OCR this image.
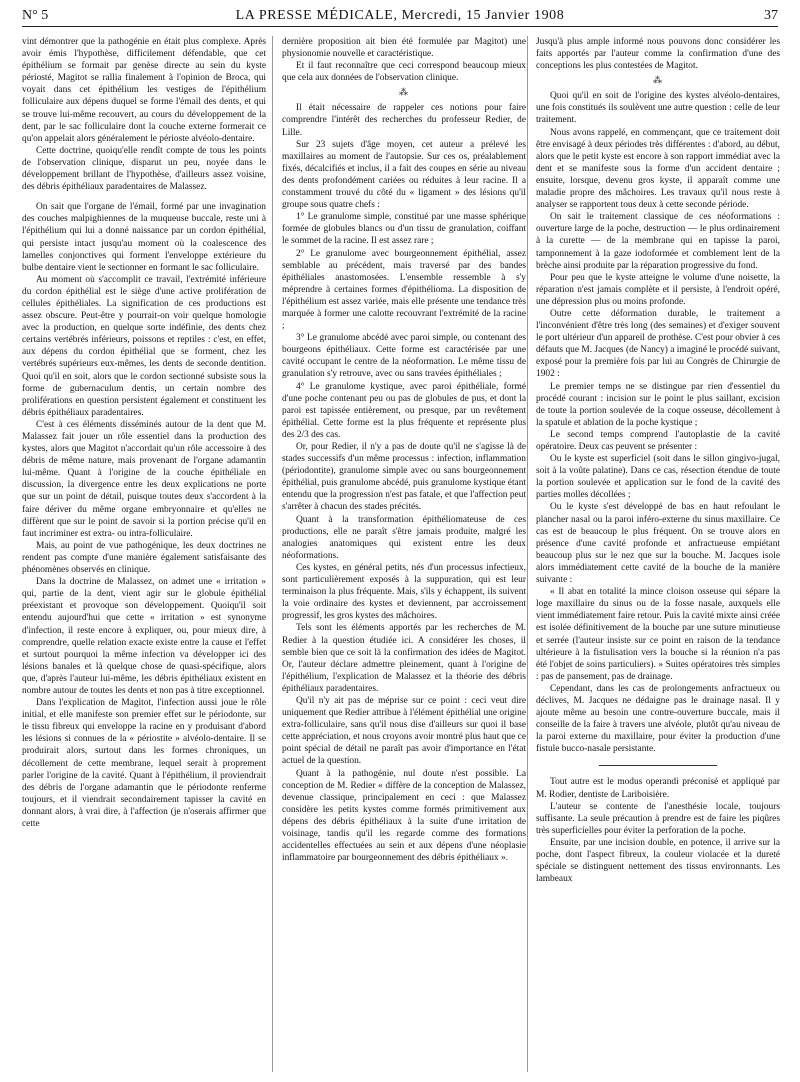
N° 5	LA PRESSE MÉDICALE, Mercredi, 15 Janvier 1908	37

vint démontrer que la pathogénie en était plus complexe. Après avoir émis l'hypothèse, difficilement défendable, que cet épithélium se formait par genèse directe au sein du kyste périosté, Magitot se rallia finalement à l'opinion de Broca, qui voyait dans cet épithélium les vestiges de l'épithélium folliculaire aux dépens duquel se forme l'émail des dents, et qui se trouve lui-même recouvert, au cours du développement de la dent, par le sac folliculaire dont la couche externe formerait ce qu'on appelait alors généralement le périoste alvéolo-dentaire.

Cette doctrine, quoiqu'elle rendît compte de tous les points de l'observation clinique, disparut un peu, noyée dans le développement brillant de l'hypothèse, d'ailleurs assez voisine, des débris épithéliaux paradentaires de Malassez.

On sait que l'organe de l'émail, formé par une invagination des couches malpighiennes de la muqueuse buccale, reste uni à l'épithélium qui lui a donné naissance par un cordon épithélial, qui persiste intact jusqu'au moment où la coalescence des lamelles conjonctives qui forment l'enveloppe extérieure du bulbe dentaire vient le sectionner en formant le sac folliculaire.

Au moment où s'accomplit ce travail, l'extrémité inférieure du cordon épithélial est le siège d'une active prolifération de cellules épithéliales. La signification de ces productions est assez obscure. Peut-être y pourrait-on voir quelque homologie avec la production, en quelque sorte indéfinie, des dents chez certains vertébrés inférieurs, poissons et reptiles : c'est, en effet, aux dépens du cordon épithélial que se forment, chez les vertébrés supérieurs eux-mêmes, les dents de seconde dentition. Quoi qu'il en soit, alors que le cordon sectionné subsiste sous la forme de gubernaculum dentis, un certain nombre des proliférations en question persistent également et constituent les débris épithéliaux paradentaires.

C'est à ces éléments disséminés autour de la dent que M. Malassez fait jouer un rôle essentiel dans la production des kystes, alors que Magitot n'accordait qu'un rôle accessoire à des débris de même nature, mais provenant de l'organe adamantin lui-même. Quant à l'origine de la couche épithéliale en discussion, la divergence entre les deux explications ne porte que sur un point de détail, puisque toutes deux s'accordent à la faire dériver du même organe embryonnaire et qu'elles ne diffèrent que sur le point de savoir si la portion précise qu'il en faut incriminer est extra- ou intra-folliculaire.

Mais, au point de vue pathogénique, les deux doctrines ne rendent pas compte d'une manière également satisfaisante des phénomènes observés en clinique.

Dans la doctrine de Malassez, on admet une « irritation » qui, partie de la dent, vient agir sur le globule épithélial préexistant et provoque son développement. Quoiqu'il soit entendu aujourd'hui que cette « irritation » est synonyme d'infection, il reste encore à expliquer, ou, pour mieux dire, à comprendre, quelle relation exacte existe entre la cause et l'effet et surtout pourquoi la même infection va développer ici des lésions banales et là quelque chose de quasi-spécifique, alors que, d'après l'auteur lui-même, les débris épithéliaux existent en nombre autour de toutes les dents et non pas à titre exceptionnel.

Dans l'explication de Magitot, l'infection aussi joue le rôle initial, et elle manifeste son premier effet sur le périodonte, sur le tissu fibreux qui enveloppe la racine en y produisant d'abord les lésions si connues de la « périostite » alvéolo-dentaire. Il se produirait alors, surtout dans les formes chroniques, un décollement de cette membrane, lequel serait à proprement parler l'origine de la cavité. Quant à l'épithélium, il proviendrait des débris de l'organe adamantin que le périodonte renferme toujours, et il viendrait secondairement tapisser la cavité en donnant alors, à vrai dire, à l'affection (je n'oserais affirmer que cette

dernière proposition ait bien été formulée par Magitot) une physionomie nouvelle et caractéristique.

Et il faut reconnaître que ceci correspond beaucoup mieux que cela aux données de l'observation clinique.

⁂

Il était nécessaire de rappeler ces notions pour faire comprendre l'intérêt des recherches du professeur Redier, de Lille.

Sur 23 sujets d'âge moyen, cet auteur a prélevé les maxillaires au moment de l'autopsie. Sur ces os, préalablement fixés, décalcifiés et inclus, il a fait des coupes en série au niveau des dents profondément cariées ou réduites à leur racine. Il a constamment trouvé du côté du « ligament » des lésions qu'il groupe sous quatre chefs :

1° Le granulome simple, constitué par une masse sphérique formée de globules blancs ou d'un tissu de granulation, coiffant le sommet de la racine. Il est assez rare ;

2° Le granulome avec bourgeonnement épithélial, assez semblable au précédent, mais traversé par des bandes épithéliales anastomosées. L'ensemble ressemble à s'y méprendre à certaines formes d'épithélioma. La disposition de l'épithélium est assez variée, mais elle présente une tendance très marquée à former une calotte recouvrant l'extrémité de la racine ;

3° Le granulome abcédé avec paroi simple, ou contenant des bourgeons épithéliaux. Cette forme est caractérisée par une cavité occupant le centre de la néoformation. Le même tissu de granulation s'y retrouve, avec ou sans travées épithéliales ;

4° Le granulome kystique, avec paroi épithéliale, formé d'une poche contenant peu ou pas de globules de pus, et dont la paroi est tapissée entièrement, ou presque, par un revêtement épithélial. Cette forme est la plus fréquente et représente plus des 2/3 des cas.

Or, pour Redier, il n'y a pas de doute qu'il ne s'agisse là de stades successifs d'un même processus : infection, inflammation (périodontite), granulome simple avec ou sans bourgeonnement épithélial, puis granulome abcédé, puis granulome kystique étant entendu que la progression n'est pas fatale, et que l'affection peut s'arrêter à chacun des stades précités.

Quant à la transformation épithéliomateuse de ces productions, elle ne paraît s'être jamais produite, malgré les analogies anatomiques qui existent entre les deux néoformations.

Ces kystes, en général petits, nés d'un processus infectieux, sont particulièrement exposés à la suppuration, qui est leur terminaison la plus fréquente. Mais, s'ils y échappent, ils suivent la voie ordinaire des kystes et deviennent, par accroissement progressif, les gros kystes des mâchoires.

Tels sont les éléments apportés par les recherches de M. Redier à la question étudiée ici. A considérer les choses, il semble bien que ce soit là la confirmation des idées de Magitot. Or, l'auteur déclare admettre pleinement, quant à l'origine de l'épithélium, l'explication de Malassez et la théorie des débris épithéliaux paradentaires.

Qu'il n'y ait pas de méprise sur ce point : ceci veut dire uniquement que Redier attribue à l'élément épithélial une origine extra-folliculaire, sans qu'il nous dise d'ailleurs sur quoi il base cette appréciation, et nous croyons avoir montré plus haut que ce point spécial de détail ne paraît pas avoir d'importance en l'état actuel de la question.

Quant à la pathogénie, nul doute n'est possible. La conception de M. Redier « diffère de la conception de Malassez, devenue classique, principalement en ceci : que Malassez considère les petits kystes comme formés primitivement aux dépens des débris épithéliaux à la suite d'une irritation de voisinage, tandis qu'il les regarde comme des formations accidentelles effectuées au sein et aux dépens d'une néoplasie inflammatoire par bourgeonnement des débris épithéliaux ».

Jusqu'à plus ample informé nous pouvons donc considérer les faits apportés par l'auteur comme la confirmation d'une des conceptions les plus contestées de Magitot.

⁂

Quoi qu'il en soit de l'origine des kystes alvéolo-dentaires, une fois constitués ils soulèvent une autre question : celle de leur traitement.

Nous avons rappelé, en commençant, que ce traitement doit être envisagé à deux périodes très différentes : d'abord, au début, alors que le petit kyste est encore à son rapport immédiat avec la dent et se manifeste sous la forme d'un accident dentaire ; ensuite, lorsque, devenu gros kyste, il apparaît comme une maladie propre des mâchoires. Les travaux qu'il nous reste à analyser se rapportent tous deux à cette seconde période.

On sait le traitement classique de ces néoformations : ouverture large de la poche, destruction — le plus ordinairement à la curette — de la membrane qui en tapisse la paroi, tamponnement à la gaze iodoformée et comblement lent de la brèche ainsi produite par la réparation progressive du fond.

Pour peu que le kyste atteigne le volume d'une noisette, la réparation n'est jamais complète et il persiste, à l'endroit opéré, une dépression plus ou moins profonde.

Outre cette déformation durable, le traitement a l'inconvénient d'être très long (des semaines) et d'exiger souvent le port ultérieur d'un appareil de prothèse. C'est pour obvier à ces défauts que M. Jacques (de Nancy) a imaginé le procédé suivant, exposé pour la première fois par lui au Congrès de Chirurgie de 1902 :

Le premier temps ne se distingue par rien d'essentiel du procédé courant : incision sur le point le plus saillant, excision de toute la portion soulevée de la coque osseuse, décollement à la spatule et ablation de la poche kystique ;

Le second temps comprend l'autoplastie de la cavité opératoire. Deux cas peuvent se présenter :

Ou le kyste est superficiel (soit dans le sillon gingivo-jugal, soit à la voûte palatine). Dans ce cas, résection étendue de toute la portion soulevée et application sur le fond de la cavité des parties molles décollées ;

Ou le kyste s'est développé de bas en haut refoulant le plancher nasal ou la paroi inféro-externe du sinus maxillaire. Ce cas est de beaucoup le plus fréquent. On se trouve alors en présence d'une cavité profonde et anfractueuse empiétant beaucoup plus sur le nez que sur la bouche. M. Jacques isole alors immédiatement cette cavité de la bouche de la manière suivante :

« Il abat en totalité la mince cloison osseuse qui sépare la loge maxillaire du sinus ou de la fosse nasale, auxquels elle vient immédiatement faire retour. Puis la cavité mixte ainsi créée est isolée définitivement de la bouche par une suture minutieuse et serrée (l'auteur insiste sur ce point en raison de la tendance ultérieure à la fistulisation vers la bouche si la réunion n'a pas été l'objet de soins particuliers). » Suites opératoires très simples : pas de pansement, pas de drainage.

Cependant, dans les cas de prolongements anfractueux ou déclives, M. Jacques ne dédaigne pas le drainage nasal. Il y ajoute même au besoin une contre-ouverture buccale, mais il conseille de la faire à travers une alvéole, plutôt qu'au niveau de la paroi externe du maxillaire, pour éviter la production d'une fistule bucco-nasale persistante.

Tout autre est le modus operandi préconisé et appliqué par M. Rodier, dentiste de Lariboisière.

L'auteur se contente de l'anesthésie locale, toujours suffisante. La seule précaution à prendre est de faire les piqûres très superficielles pour éviter la perforation de la poche.

Ensuite, par une incision double, en potence, il arrive sur la poche, dont l'aspect fibreux, la couleur violacée et la dureté spéciale se distinguent nettement des tissus environnants. Les lambeaux
